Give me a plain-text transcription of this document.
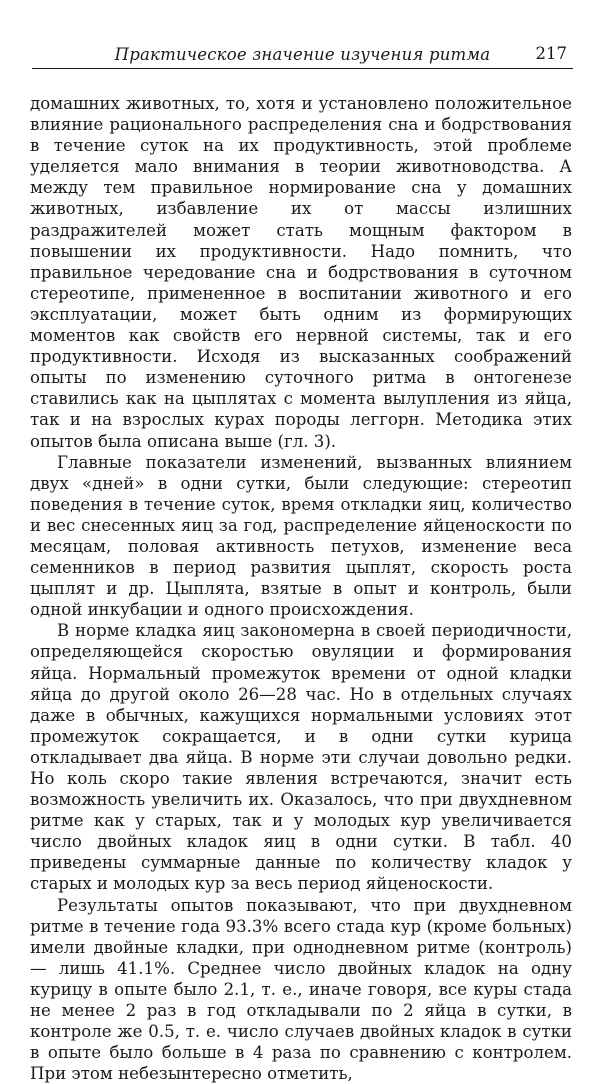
Практическое значение изучения ритма	217

домашних животных, то, хотя и установлено положительное влияние рационального распределения сна и бодрствования в течение суток на их продуктивность, этой проблеме уделяется мало внимания в теории животноводства. А между тем правильное нормирование сна у домашних животных, избавление их от массы излишних раздражителей может стать мощным фактором в повышении их продуктивности. Надо помнить, что правильное чередование сна и бодрствования в суточном стереотипе, примененное в воспитании животного и его эксплуатации, может быть одним из формирующих моментов как свойств его нервной системы, так и его продуктивности. Исходя из высказанных соображений опыты по изменению суточного ритма в онтогенезе ставились как на цыплятах с момента вылупления из яйца, так и на взрослых курах породы леггорн. Методика этих опытов была описана выше (гл. 3).

Главные показатели изменений, вызванных влиянием двух «дней» в одни сутки, были следующие: стереотип поведения в течение суток, время откладки яиц, количество и вес снесенных яиц за год, распределение яйценоскости по месяцам, половая активность петухов, изменение веса семенников в период развития цыплят, скорость роста цыплят и др. Цыплята, взятые в опыт и контроль, были одной инкубации и одного происхождения.

В норме кладка яиц закономерна в своей периодичности, определяющейся скоростью овуляции и формирования яйца. Нормальный промежуток времени от одной кладки яйца до другой около 26—28 час. Но в отдельных случаях даже в обычных, кажущихся нормальными условиях этот промежуток сокращается, и в одни сутки курица откладывает два яйца. В норме эти случаи довольно редки. Но коль скоро такие явления встречаются, значит есть возможность увеличить их. Оказалось, что при двухдневном ритме как у старых, так и у молодых кур увеличивается число двойных кладок яиц в одни сутки. В табл. 40 приведены суммарные данные по количеству кладок у старых и молодых кур за весь период яйценоскости.

Результаты опытов показывают, что при двухдневном ритме в течение года 93.3% всего стада кур (кроме больных) имели двойные кладки, при однодневном ритме (контроль) — лишь 41.1%. Среднее число двойных кладок на одну курицу в опыте было 2.1, т. е., иначе говоря, все куры стада не менее 2 раз в год откладывали по 2 яйца в сутки, в контроле же 0.5, т. е. число случаев двойных кладок в сутки в опыте было больше в 4 раза по сравнению с контролем. При этом небезынтересно отметить,
